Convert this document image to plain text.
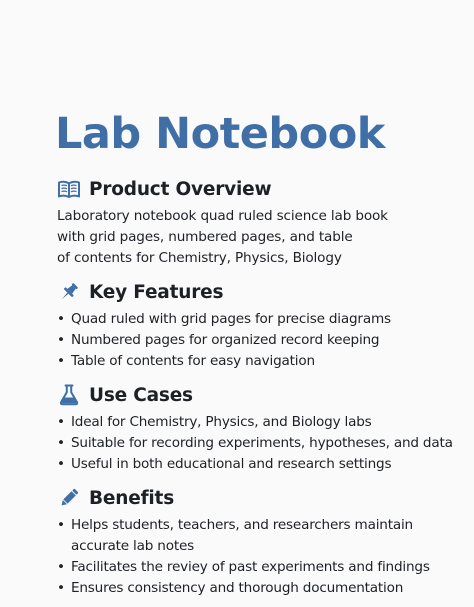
Lab Notebook
Product Overview

Laboratory notebook quad ruled science lab book
with grid pages, numbered pages, and table
of contents for Chemistry, Physics, Biology

Key Features
• Quad ruled with grid pages for precise diagrams
• Numbered pages for organized record keeping
• Table of contents for easy navigation
Use Cases
• Ideal for Chemistry, Physics, and Biology labs
• Suitable for recording experiments, hypotheses, and data
• Useful in both educational and research settings
Benefits
• Helps students, teachers, and researchers maintain
accurate lab notes
• Facilitates the reviey of past experiments and findings
• Ensures consistency and thorough documentation
